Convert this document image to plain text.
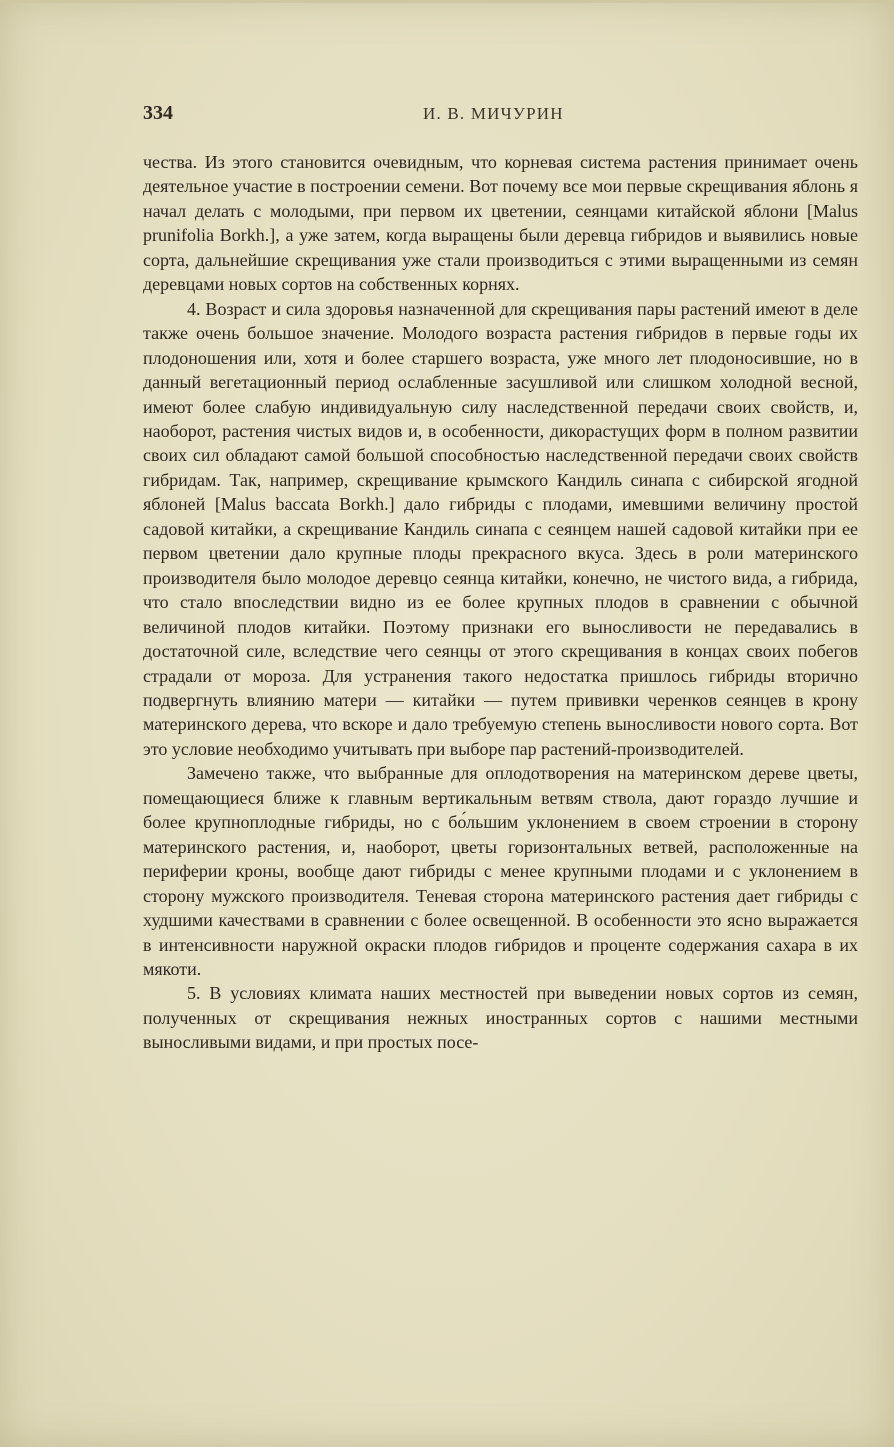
334	И. В. МИЧУРИН

чества. Из этого становится очевидным, что корневая система растения принимает очень деятельное участие в построении семени. Вот почему все мои первые скрещивания яблонь я начал делать с молодыми, при первом их цветении, сеянцами китайской яблони [Malus prunifolia Borkh.], а уже затем, когда выращены были деревца гибридов и выявились новые сорта, дальнейшие скрещивания уже стали производиться с этими выращенными из семян деревцами новых сортов на собственных корнях.

4. Возраст и сила здоровья назначенной для скрещивания пары растений имеют в деле также очень большое значение. Молодого возраста растения гибридов в первые годы их плодоношения или, хотя и более старшего возраста, уже много лет плодоносившие, но в данный вегетационный период ослабленные засушливой или слишком холодной весной, имеют более слабую индивидуальную силу наследственной передачи своих свойств, и, наоборот, растения чистых видов и, в особенности, дикорастущих форм в полном развитии своих сил обладают самой большой способностью наследственной передачи своих свойств гибридам. Так, например, скрещивание крымского Кандиль синапа с сибирской ягодной яблоней [Malus baccata Borkh.] дало гибриды с плодами, имевшими величину простой садовой китайки, а скрещивание Кандиль синапа с сеянцем нашей садовой китайки при ее первом цветении дало крупные плоды прекрасного вкуса. Здесь в роли материнского производителя было молодое деревцо сеянца китайки, конечно, не чистого вида, а гибрида, что стало впоследствии видно из ее более крупных плодов в сравнении с обычной величиной плодов китайки. Поэтому признаки его выносливости не передавались в достаточной силе, вследствие чего сеянцы от этого скрещивания в концах своих побегов страдали от мороза. Для устранения такого недостатка пришлось гибриды вторично подвергнуть влиянию матери — китайки — путем прививки черенков сеянцев в крону материнского дерева, что вскоре и дало требуемую степень выносливости нового сорта. Вот это условие необходимо учитывать при выборе пар растений-производителей.

Замечено также, что выбранные для оплодотворения на материнском дереве цветы, помещающиеся ближе к главным вертикальным ветвям ствола, дают гораздо лучшие и более крупноплодные гибриды, но с бо́льшим уклонением в своем строении в сторону материнского растения, и, наоборот, цветы горизонтальных ветвей, расположенные на периферии кроны, вообще дают гибриды с менее крупными плодами и с уклонением в сторону мужского производителя. Теневая сторона материнского растения дает гибриды с худшими качествами в сравнении с более освещенной. В особенности это ясно выражается в интенсивности наружной окраски плодов гибридов и проценте содержания сахара в их мякоти.

5. В условиях климата наших местностей при выведении новых сортов из семян, полученных от скрещивания нежных иностранных сортов с нашими местными выносливыми видами, и при простых посе-
